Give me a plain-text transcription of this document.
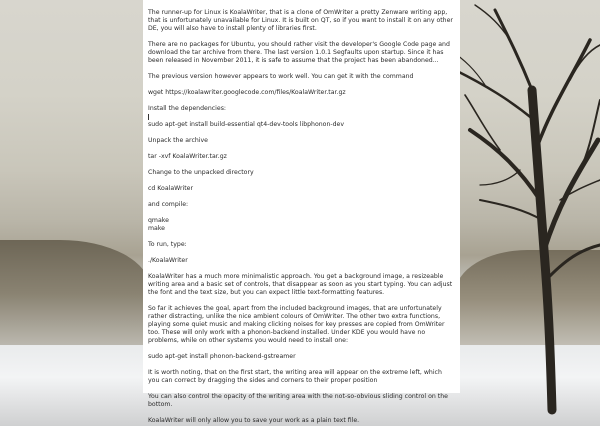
The runner-up for Linux is KoalaWriter, that is a clone of OmWriter a pretty Zenware writing app, that is unfortunately unavailable for Linux. It is built on QT, so if you want to install it on any other DE, you will also have to install plenty of libraries first.

There are no packages for Ubuntu, you should rather visit the developer's Google Code page and download the tar archive from there. The last version 1.0.1 Segfaults upon startup. Since it has been released in November 2011, it is safe to assume that the project has been abandoned...

The previous version however appears to work well. You can get it with the command

wget https://koalawriter.googlecode.com/files/KoalaWriter.tar.gz

Install the dependencies:

sudo apt-get install build-essential qt4-dev-tools libphonon-dev

Unpack the archive

tar -xvf KoalaWriter.tar.gz

Change to the unpacked directory

cd KoalaWriter

and compile:

qmake
make

To run, type:

./KoalaWriter

KoalaWriter has a much more minimalistic approach. You get a background image, a resizeable writing area and a basic set of controls, that disappear as soon as you start typing. You can adjust the font and the text size, but you can expect little text-formatting features.

So far it achieves the goal, apart from the included background images, that are unfortunately rather distracting, unlike the nice ambient colours of OmWriter. The other two extra functions, playing some quiet music and making clicking noises for key presses are copied from OmWriter too. These will only work with a phonon-backend installed. Under KDE you would have no problems, while on other systems you would need to install one:

sudo apt-get install phonon-backend-gstreamer

It is worth noting, that on the first start, the writing area will appear on the extreme left, which you can correct by dragging the sides and corners to their proper position

You can also control the opacity of the writing area with the not-so-obvious sliding control on the bottom.

KoalaWriter will only allow you to save your work as a plain text file.
